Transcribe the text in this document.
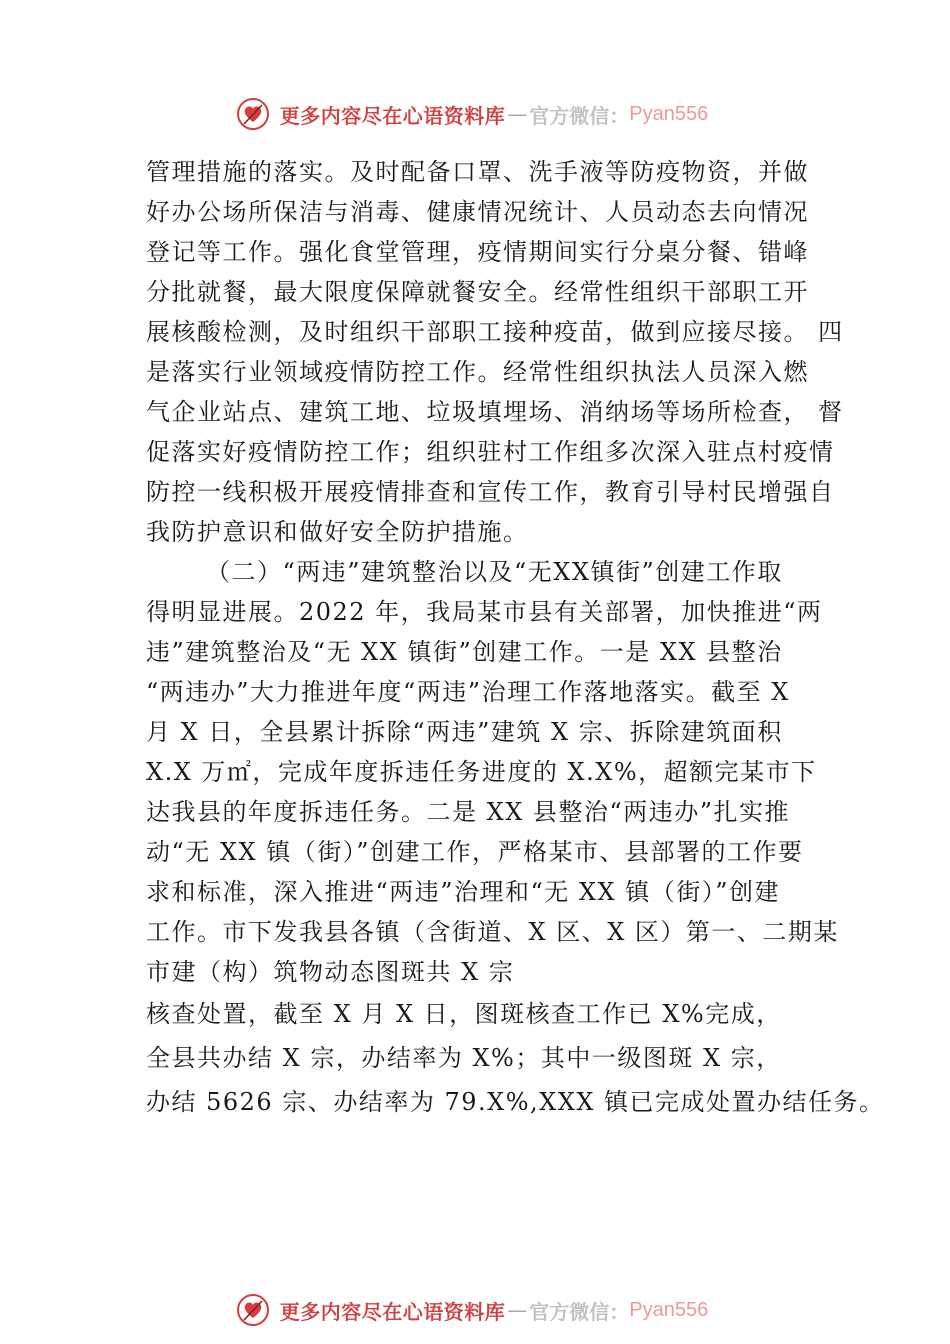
更多内容尽在心语资料库 — 官方微信： Pyan556
管理措施的落实。及时配备口罩、洗手液等防疫物资，并做
好办公场所保洁与消毒、健康情况统计、人员动态去向情况
登记等工作。强化食堂管理，疫情期间实行分桌分餐、错峰
分批就餐，最大限度保障就餐安全。经常性组织干部职工开
展核酸检测，及时组织干部职工接种疫苗，做到应接尽接。 四
是落实行业领域疫情防控工作。经常性组织执法人员深入燃
气企业站点、建筑工地、垃圾填埋场、消纳场等场所检查， 督
促落实好疫情防控工作；组织驻村工作组多次深入驻点村疫情
防控一线积极开展疫情排查和宣传工作，教育引导村民增强自
我防护意识和做好安全防护措施。
（二）“两违”建筑整治以及“无XX镇街”创建工作取
得明显进展。2022 年，我局某市县有关部署，加快推进“两
违”建筑整治及“无 XX 镇街”创建工作。一是 XX 县整治
“两违办”大力推进年度“两违”治理工作落地落实。截至 X
月 X 日，全县累计拆除“两违”建筑 X 宗、拆除建筑面积
X.X 万㎡，完成年度拆违任务进度的 X.X%，超额完某市下
达我县的年度拆违任务。二是 XX 县整治“两违办”扎实推
动“无 XX 镇（街）”创建工作，严格某市、县部署的工作要
求和标准，深入推进“两违”治理和“无 XX 镇（街）”创建
工作。市下发我县各镇（含街道、X 区、X 区）第一、二期某
市建（构）筑物动态图斑共 X 宗
核查处置，截至 X 月 X 日，图斑核查工作已 X%完成，
全县共办结 X 宗，办结率为 X%；其中一级图斑 X 宗，
办结 5626 宗、办结率为 79.X%,XXX 镇已完成处置办结任务。
更多内容尽在心语资料库 — 官方微信： Pyan556
